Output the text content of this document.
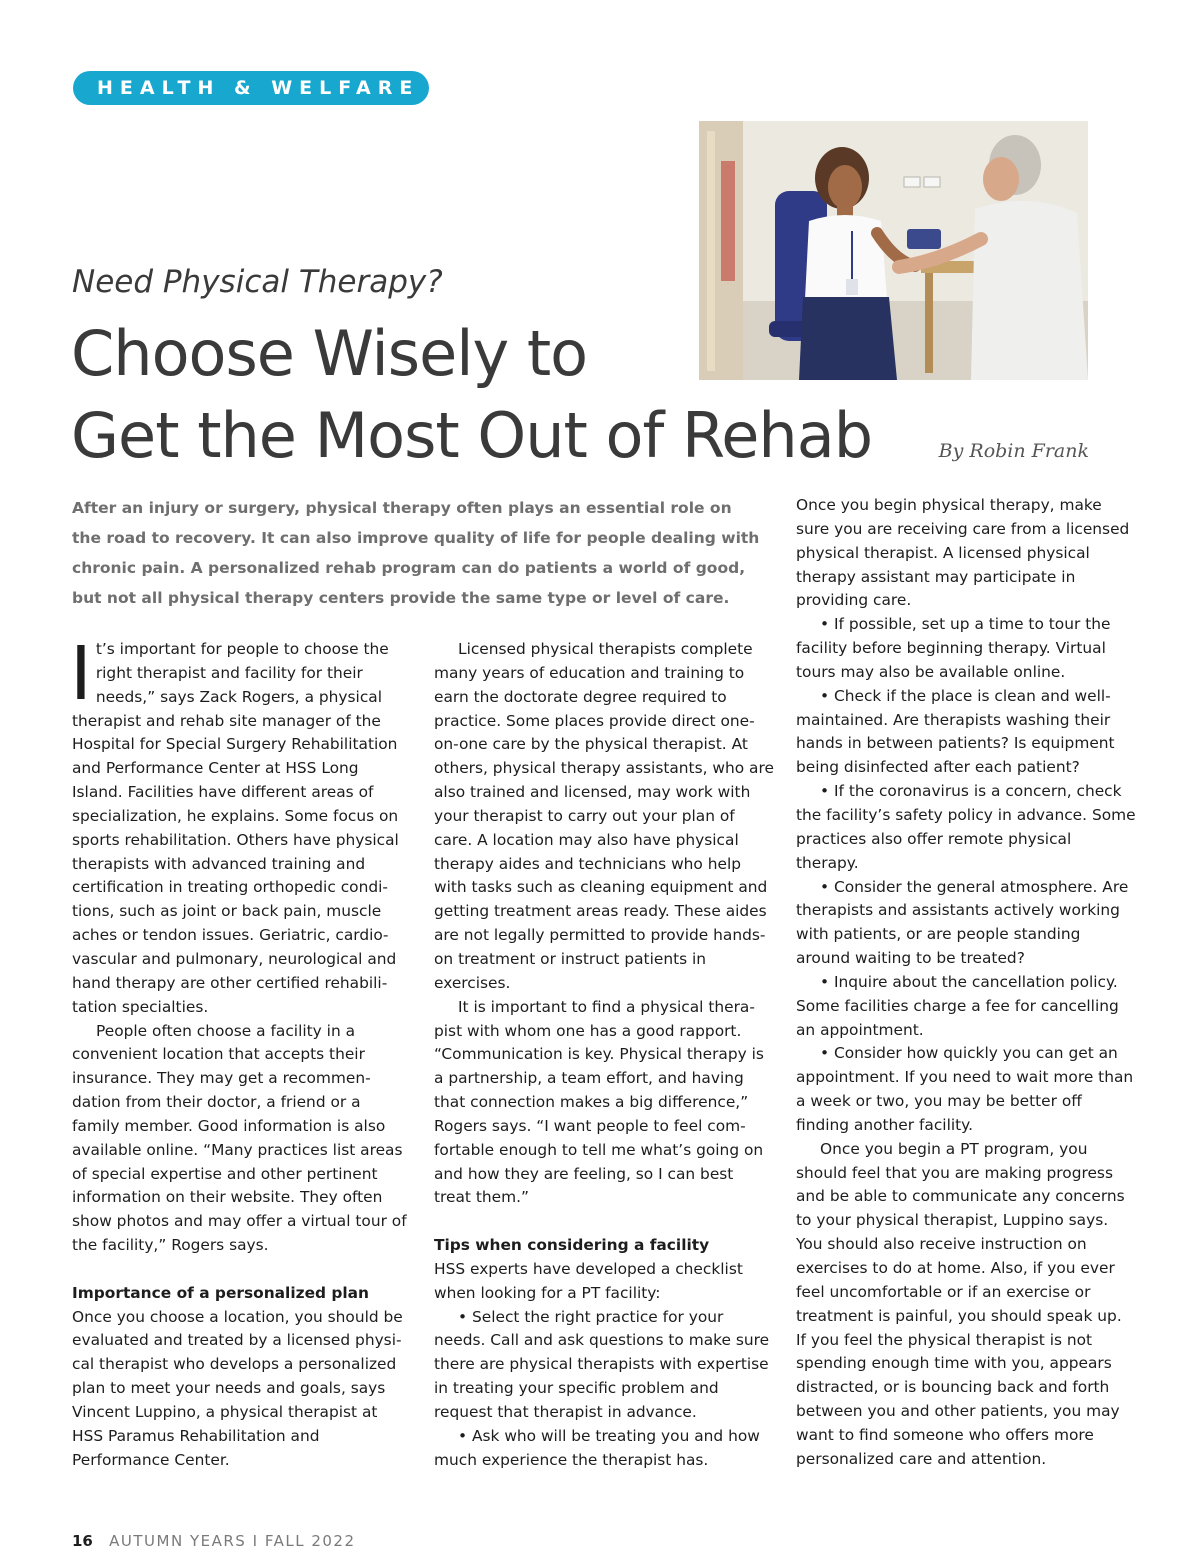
HEALTH & WELFARE
Need Physical Therapy?
Choose Wisely to
Get the Most Out of Rehab	By Robin Frank

After an injury or surgery, physical therapy often plays an essential role on the road to recovery. It can also improve quality of life for people dealing with chronic pain. A personalized rehab program can do patients a world of good, but not all physical therapy centers provide the same type or level of care.

It’s important for people to choose the right therapist and facility for their needs,” says Zack Rogers, a physical therapist and rehab site manager of the Hospital for Special Surgery Rehabilitation and Performance Center at HSS Long Island. Facilities have different areas of specialization, he explains. Some focus on sports rehabilitation. Others have physical therapists with advanced training and certification in treating orthopedic conditions, such as joint or back pain, muscle aches or tendon issues. Geriatric, cardiovascular and pulmonary, neurological and hand therapy are other certified rehabilitation specialties.

People often choose a facility in a convenient location that accepts their insurance. They may get a recommendation from their doctor, a friend or a family member. Good information is also available online. “Many practices list areas of special expertise and other pertinent information on their website. They often show photos and may offer a virtual tour of the facility,” Rogers says.

Importance of a personalized plan

Once you choose a location, you should be evaluated and treated by a licensed physical therapist who develops a personalized plan to meet your needs and goals, says Vincent Luppino, a physical therapist at HSS Paramus Rehabilitation and Performance Center.

Licensed physical therapists complete many years of education and training to earn the doctorate degree required to practice. Some places provide direct one-on-one care by the physical therapist. At others, physical therapy assistants, who are also trained and licensed, may work with your therapist to carry out your plan of care. A location may also have physical therapy aides and technicians who help with tasks such as cleaning equipment and getting treatment areas ready. These aides are not legally permitted to provide hands-on treatment or instruct patients in exercises.

It is important to find a physical therapist with whom one has a good rapport. “Communication is key. Physical therapy is a partnership, a team effort, and having that connection makes a big difference,” Rogers says. “I want people to feel comfortable enough to tell me what’s going on and how they are feeling, so I can best treat them.”

Tips when considering a facility

HSS experts have developed a checklist when looking for a PT facility:

• Select the right practice for your needs. Call and ask questions to make sure there are physical therapists with expertise in treating your specific problem and request that therapist in advance.

• Ask who will be treating you and how much experience the therapist has.

Once you begin physical therapy, make sure you are receiving care from a licensed physical therapist. A licensed physical therapy assistant may participate in providing care.

• If possible, set up a time to tour the facility before beginning therapy. Virtual tours may also be available online.

• Check if the place is clean and well-maintained. Are therapists washing their hands in between patients? Is equipment being disinfected after each patient?

• If the coronavirus is a concern, check the facility’s safety policy in advance. Some practices also offer remote physical therapy.

• Consider the general atmosphere. Are therapists and assistants actively working with patients, or are people standing around waiting to be treated?

• Inquire about the cancellation policy. Some facilities charge a fee for cancelling an appointment.

• Consider how quickly you can get an appointment. If you need to wait more than a week or two, you may be better off finding another facility.

Once you begin a PT program, you should feel that you are making progress and be able to communicate any concerns to your physical therapist, Luppino says. You should also receive instruction on exercises to do at home. Also, if you ever feel uncomfortable or if an exercise or treatment is painful, you should speak up. If you feel the physical therapist is not spending enough time with you, appears distracted, or is bouncing back and forth between you and other patients, you may want to find someone who offers more personalized care and attention.

16 AUTUMN YEARS I FALL 2022
